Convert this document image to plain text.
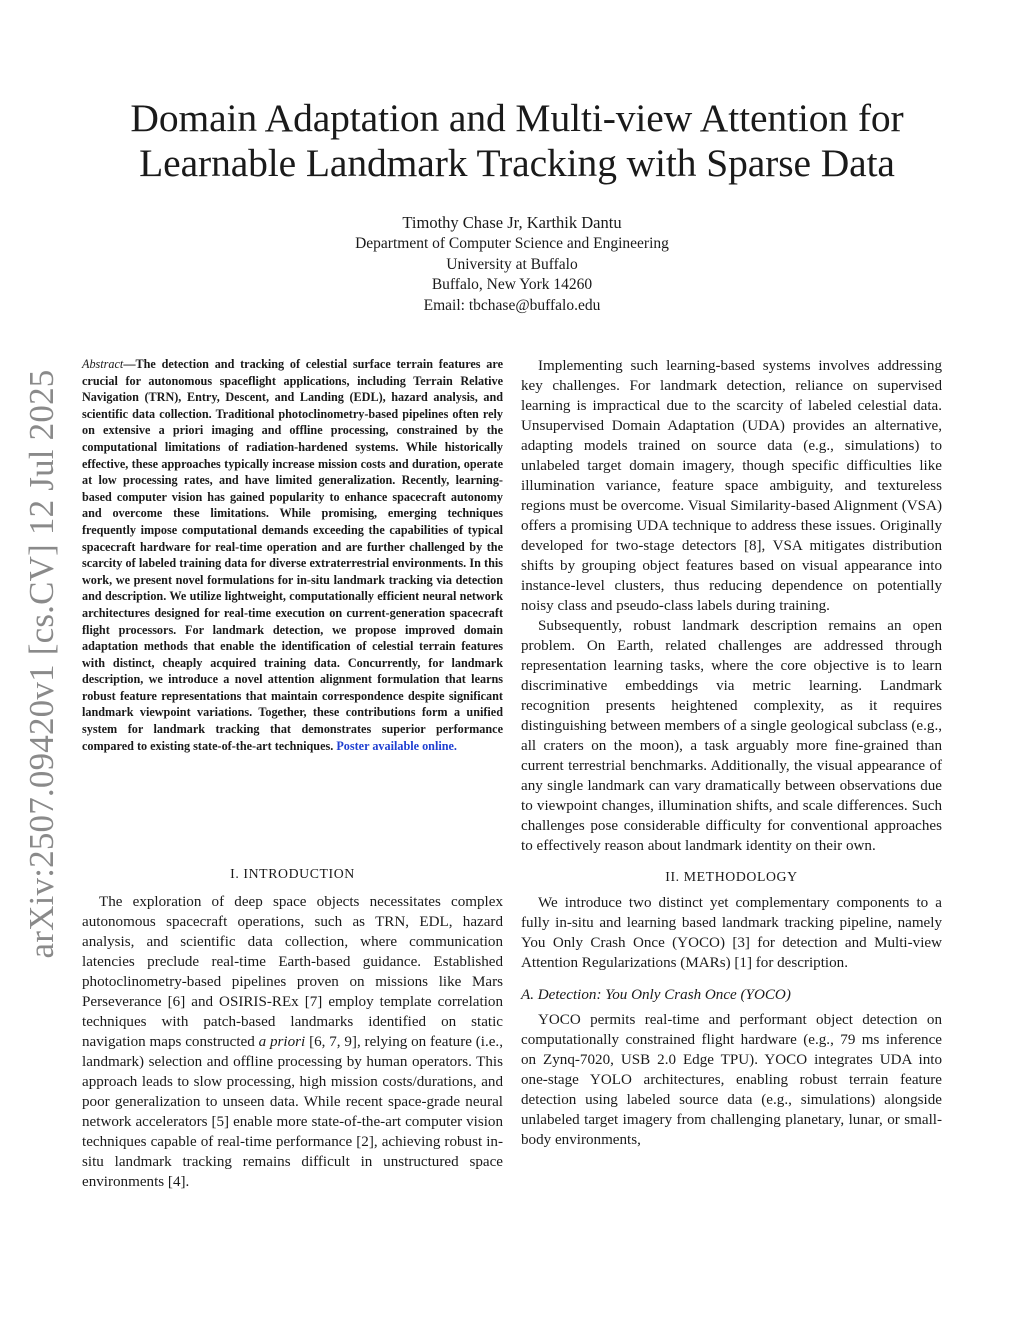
Domain Adaptation and Multi-view Attention for Learnable Landmark Tracking with Sparse Data
Timothy Chase Jr, Karthik Dantu
Department of Computer Science and Engineering
University at Buffalo
Buffalo, New York 14260
Email: tbchase@buffalo.edu
arXiv:2507.09420v1 [cs.CV] 12 Jul 2025

Abstract—The detection and tracking of celestial surface terrain features are crucial for autonomous spaceflight applications, including Terrain Relative Navigation (TRN), Entry, Descent, and Landing (EDL), hazard analysis, and scientific data collection. Traditional photoclinometry-based pipelines often rely on extensive a priori imaging and offline processing, constrained by the computational limitations of radiation-hardened systems. While historically effective, these approaches typically increase mission costs and duration, operate at low processing rates, and have limited generalization. Recently, learning-based computer vision has gained popularity to enhance spacecraft autonomy and overcome these limitations. While promising, emerging techniques frequently impose computational demands exceeding the capabilities of typical spacecraft hardware for real-time operation and are further challenged by the scarcity of labeled training data for diverse extraterrestrial environments. In this work, we present novel formulations for in-situ landmark tracking via detection and description. We utilize lightweight, computationally efficient neural network architectures designed for real-time execution on current-generation spacecraft flight processors. For landmark detection, we propose improved domain adaptation methods that enable the identification of celestial terrain features with distinct, cheaply acquired training data. Concurrently, for landmark description, we introduce a novel attention alignment formulation that learns robust feature representations that maintain correspondence despite significant landmark viewpoint variations. Together, these contributions form a unified system for landmark tracking that demonstrates superior performance compared to existing state-of-the-art techniques. Poster available online.

I. INTRODUCTION

The exploration of deep space objects necessitates complex autonomous spacecraft operations, such as TRN, EDL, hazard analysis, and scientific data collection, where communication latencies preclude real-time Earth-based guidance. Established photoclinometry-based pipelines proven on missions like Mars Perseverance [6] and OSIRIS-REx [7] employ template correlation techniques with patch-based landmarks identified on static navigation maps constructed a priori [6, 7, 9], relying on feature (i.e., landmark) selection and offline processing by human operators. This approach leads to slow processing, high mission costs/durations, and poor generalization to unseen data. While recent space-grade neural network accelerators [5] enable more state-of-the-art computer vision techniques capable of real-time performance [2], achieving robust in-situ landmark tracking remains difficult in unstructured space environments [4].

Implementing such learning-based systems involves addressing key challenges. For landmark detection, reliance on supervised learning is impractical due to the scarcity of labeled celestial data. Unsupervised Domain Adaptation (UDA) provides an alternative, adapting models trained on source data (e.g., simulations) to unlabeled target domain imagery, though specific difficulties like illumination variance, feature space ambiguity, and textureless regions must be overcome. Visual Similarity-based Alignment (VSA) offers a promising UDA technique to address these issues. Originally developed for two-stage detectors [8], VSA mitigates distribution shifts by grouping object features based on visual appearance into instance-level clusters, thus reducing dependence on potentially noisy class and pseudo-class labels during training.

Subsequently, robust landmark description remains an open problem. On Earth, related challenges are addressed through representation learning tasks, where the core objective is to learn discriminative embeddings via metric learning. Landmark recognition presents heightened complexity, as it requires distinguishing between members of a single geological subclass (e.g., all craters on the moon), a task arguably more fine-grained than current terrestrial benchmarks. Additionally, the visual appearance of any single landmark can vary dramatically between observations due to viewpoint changes, illumination shifts, and scale differences. Such challenges pose considerable difficulty for conventional approaches to effectively reason about landmark identity on their own.

II. METHODOLOGY

We introduce two distinct yet complementary components to a fully in-situ and learning based landmark tracking pipeline, namely You Only Crash Once (YOCO) [3] for detection and Multi-view Attention Regularizations (MARs) [1] for description.

A. Detection: You Only Crash Once (YOCO)

YOCO permits real-time and performant object detection on computationally constrained flight hardware (e.g., 79 ms inference on Zynq-7020, USB 2.0 Edge TPU). YOCO integrates UDA into one-stage YOLO architectures, enabling robust terrain feature detection using labeled source data (e.g., simulations) alongside unlabeled target imagery from challenging planetary, lunar, or small-body environments,
